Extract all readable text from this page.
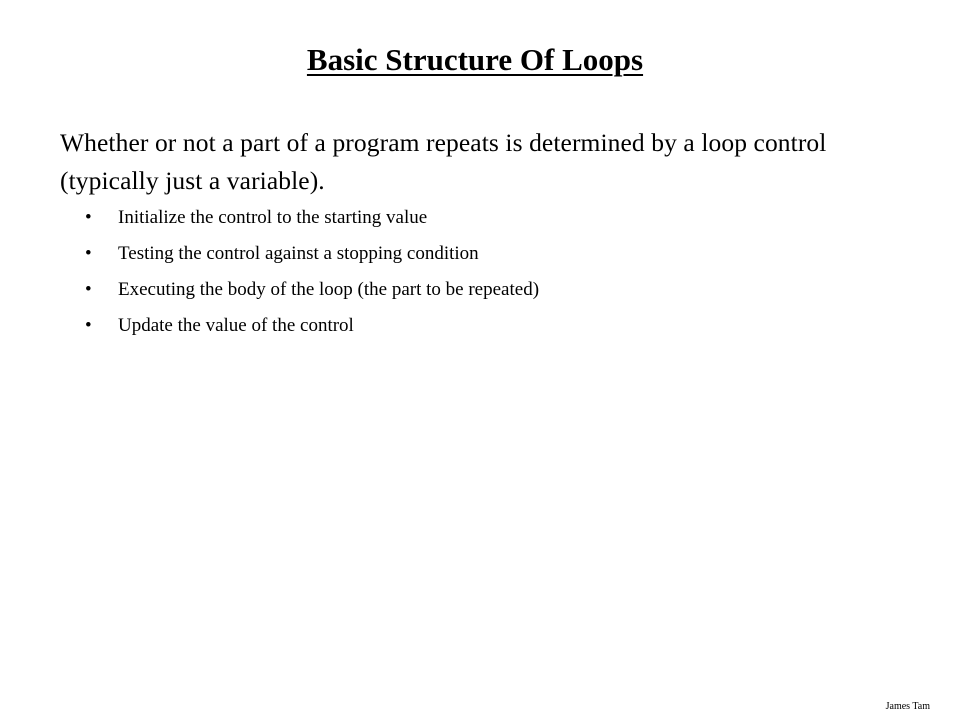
Basic Structure Of Loops
Whether or not a part of a program repeats is determined by a loop control (typically just a variable).
• Initialize the control to the starting value
• Testing the control against a stopping condition
• Executing the body of the loop (the part to be repeated)
• Update the value of the control
James Tam
